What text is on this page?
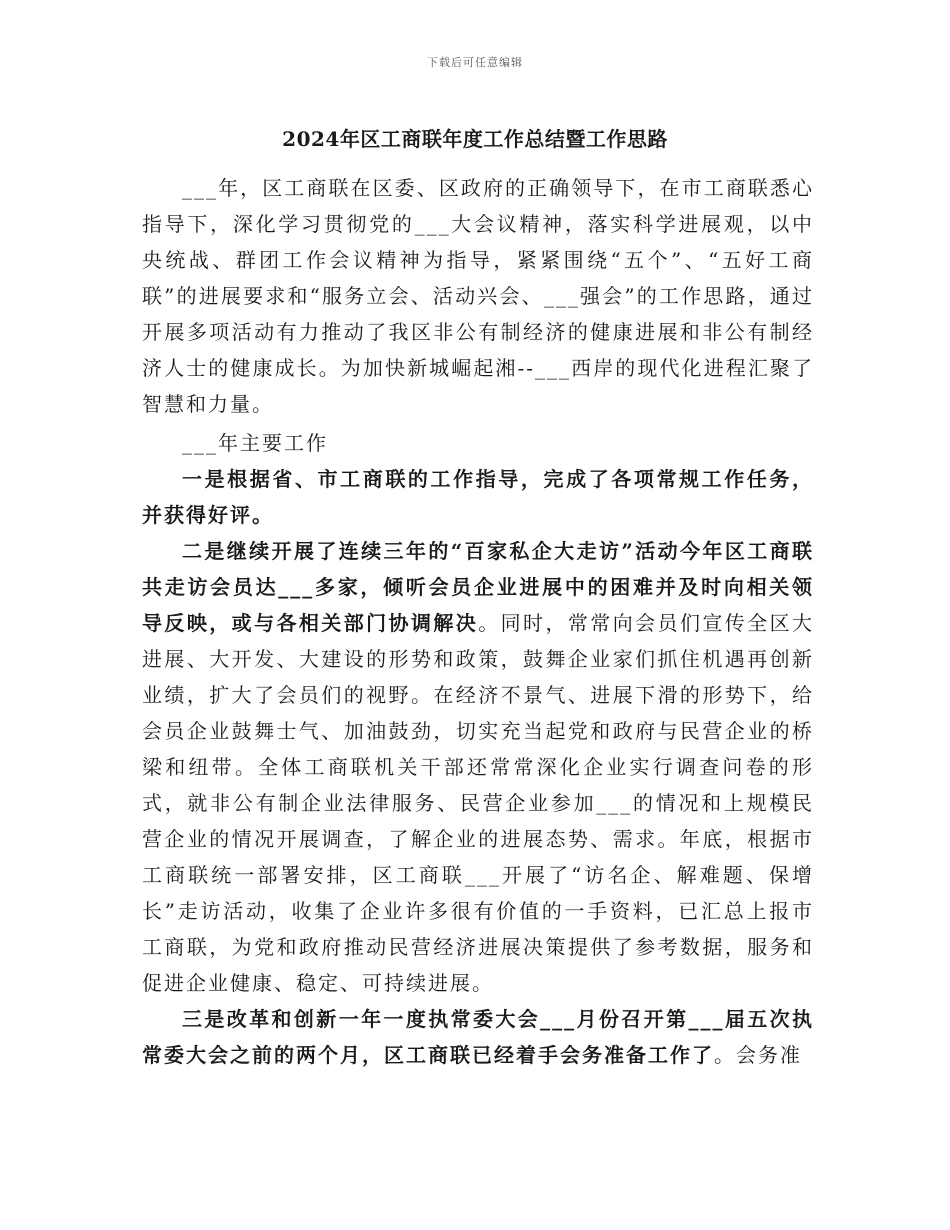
下载后可任意编辑
2024年区工商联年度工作总结暨工作思路

___年，区工商联在区委、区政府的正确领导下，在市工商联悉心指导下，深化学习贯彻党的___大会议精神，落实科学进展观，以中央统战、群团工作会议精神为指导，紧紧围绕“五个”、“五好工商联”的进展要求和“服务立会、活动兴会、___强会”的工作思路，通过开展多项活动有力推动了我区非公有制经济的健康进展和非公有制经济人士的健康成长。为加快新城崛起湘--___西岸的现代化进程汇聚了智慧和力量。

___年主要工作

一是根据省、市工商联的工作指导，完成了各项常规工作任务，并获得好评。

二是继续开展了连续三年的“百家私企大走访”活动今年区工商联共走访会员达___多家，倾听会员企业进展中的困难并及时向相关领导反映，或与各相关部门协调解决。同时，常常向会员们宣传全区大进展、大开发、大建设的形势和政策，鼓舞企业家们抓住机遇再创新业绩，扩大了会员们的视野。在经济不景气、进展下滑的形势下，给会员企业鼓舞士气、加油鼓劲，切实充当起党和政府与民营企业的桥梁和纽带。全体工商联机关干部还常常深化企业实行调查问卷的形式，就非公有制企业法律服务、民营企业参加___的情况和上规模民营企业的情况开展调查，了解企业的进展态势、需求。年底，根据市工商联统一部署安排，区工商联___开展了“访名企、解难题、保增长”走访活动，收集了企业许多很有价值的一手资料，已汇总上报市工商联，为党和政府推动民营经济进展决策提供了参考数据，服务和促进企业健康、稳定、可持续进展。

三是改革和创新一年一度执常委大会___月份召开第___届五次执常委大会之前的两个月，区工商联已经着手会务准备工作了。会务准
